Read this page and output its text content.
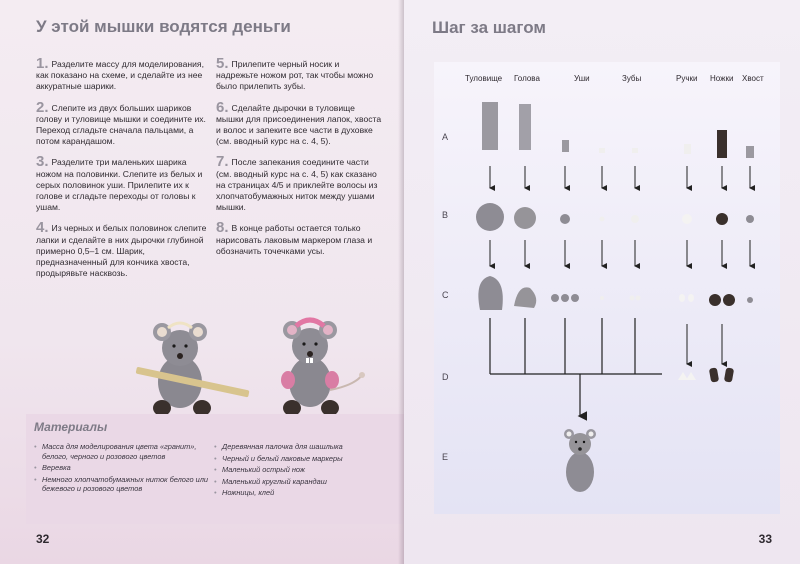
У этой мышки водятся деньги
1. Разделите массу для моделирования, как показано на схеме, и сделайте из нее аккуратные шарики.
2. Слепите из двух больших шариков голову и туловище мышки и соедините их. Переход сгладьте сначала пальцами, а потом карандашом.
3. Разделите три маленьких шарика ножом на половинки. Слепите из белых и серых половинок уши. Прилепите их к голове и сгладьте переходы от головы к ушам.
4. Из черных и белых половинок слепите лапки и сделайте в них дырочки глубиной примерно 0,5–1 см. Шарик, предназначенный для кончика хвоста, продырявьте насквозь.
5. Прилепите черный носик и надрежьте ножом рот, так чтобы можно было прилепить зубы.
6. Сделайте дырочки в туловище мышки для присоединения лапок, хвоста и волос и запеките все части в духовке (см. вводный курс на с. 4, 5).
7. После запекания соедините части (см. вводный курс на с. 4, 5) как сказано на страницах 4/5 и приклейте волосы из хлопчатобумажных ниток между ушами мышки.
8. В конце работы остается только нарисовать лаковым маркером глаза и обозначить точечками усы.
Материалы
• Масса для моделирования цвета «гранит», белого, черного и розового цветов
• Веревка
• Немного хлопчатобумажных ниток белого или бежевого и розового цветов
• Деревянная палочка для шашлыка
• Черный и белый лаковые маркеры
• Маленький острый нож
• Маленький круглый карандаш
• Ножницы, клей
32
Шаг за шагом
Туловище Голова	Уши	Зубы	Ручки Ножки Хвост
A
B
C
D
E
33
